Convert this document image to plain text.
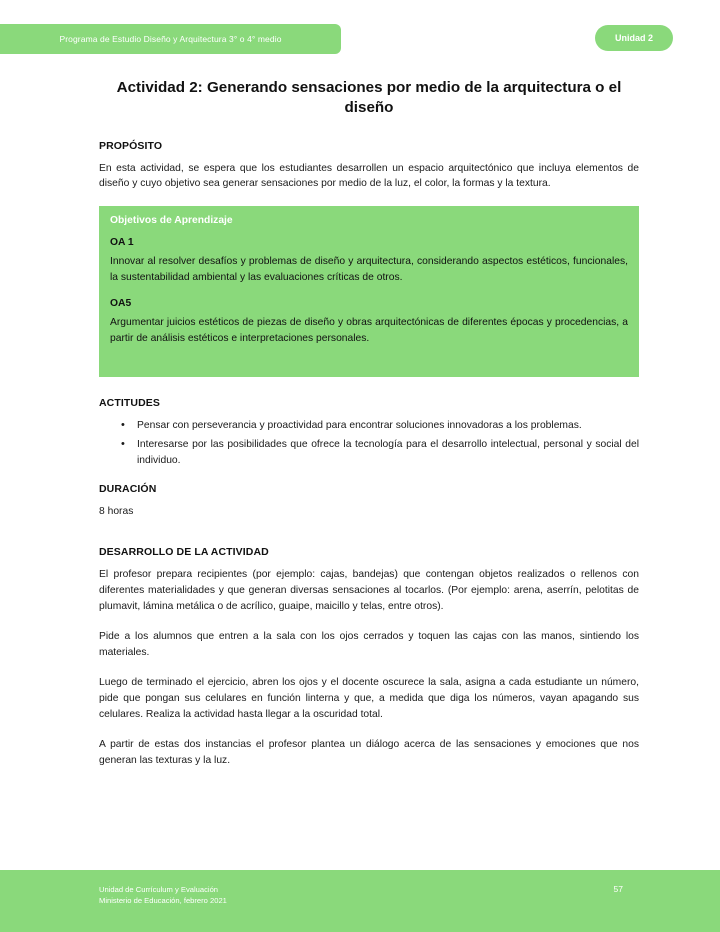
Programa de Estudio Diseño y Arquitectura 3° o 4° medio	Unidad 2
Actividad 2: Generando sensaciones por medio de la arquitectura o el diseño
PROPÓSITO

En esta actividad, se espera que los estudiantes desarrollen un espacio arquitectónico que incluya elementos de diseño y cuyo objetivo sea generar sensaciones por medio de la luz, el color, la formas y la textura.

Objetivos de Aprendizaje
OA 1
Innovar al resolver desafíos y problemas de diseño y arquitectura, considerando aspectos estéticos, funcionales, la sustentabilidad ambiental y las evaluaciones críticas de otros.
OA5
Argumentar juicios estéticos de piezas de diseño y obras arquitectónicas de diferentes épocas y procedencias, a partir de análisis estéticos e interpretaciones personales.
ACTITUDES
• Pensar con perseverancia y proactividad para encontrar soluciones innovadoras a los problemas.
• Interesarse por las posibilidades que ofrece la tecnología para el desarrollo intelectual, personal y social del individuo.
DURACIÓN
8 horas
DESARROLLO DE LA ACTIVIDAD

El profesor prepara recipientes (por ejemplo: cajas, bandejas) que contengan objetos realizados o rellenos con diferentes materialidades y que generan diversas sensaciones al tocarlos. (Por ejemplo: arena, aserrín, pelotitas de plumavit, lámina metálica o de acrílico, guaipe, maicillo y telas, entre otros).

Pide a los alumnos que entren a la sala con los ojos cerrados y toquen las cajas con las manos, sintiendo los materiales.

Luego de terminado el ejercicio, abren los ojos y el docente oscurece la sala, asigna a cada estudiante un número, pide que pongan sus celulares en función linterna y que, a medida que diga los números, vayan apagando sus celulares. Realiza la actividad hasta llegar a la oscuridad total.

A partir de estas dos instancias el profesor plantea un diálogo acerca de las sensaciones y emociones que nos generan las texturas y la luz.

Unidad de Currículum y Evaluación
Ministerio de Educación, febrero 2021
57
